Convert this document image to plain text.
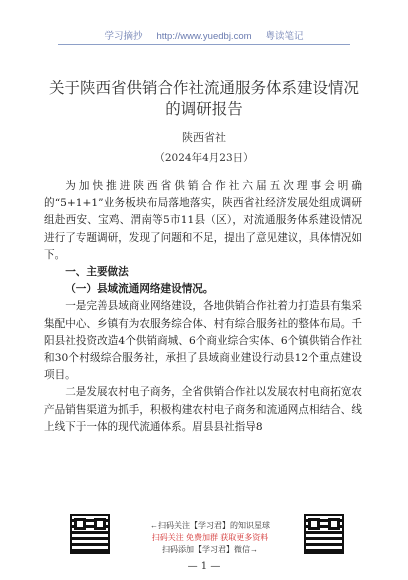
学习摘抄 http://www.yuedbj.com 粤读笔记
关于陕西省供销合作社流通服务体系建设情况
的调研报告
陕西省社
（2024年4月23日）

为加快推进陕西省供销合作社六届五次理事会明确的“5+1+1”业务板块布局落地落实，陕西省社经济发展处组成调研组赴西安、宝鸡、渭南等5市11县（区），对流通服务体系建设情况进行了专题调研，发现了问题和不足，提出了意见建议，具体情况如下。

一、主要做法

（一）县域流通网络建设情况。

一是完善县域商业网络建设，各地供销合作社着力打造县有集采集配中心、乡镇有为农服务综合体、村有综合服务社的整体布局。千阳县社投资改造4个供销商城、6个商业综合实体、6个镇供销合作社和30个村级综合服务社，承担了县域商业建设行动县12个重点建设项目。

二是发展农村电子商务，全省供销合作社以发展农村电商拓宽农产品销售渠道为抓手，积极构建农村电子商务和流通网点相结合、线上线下于一体的现代流通体系。眉县县社指导8

←扫码关注【学习君】的知识星球
扫码关注 免费加群 获取更多资料
扫码添加【学习君】微信→
— 1 —
